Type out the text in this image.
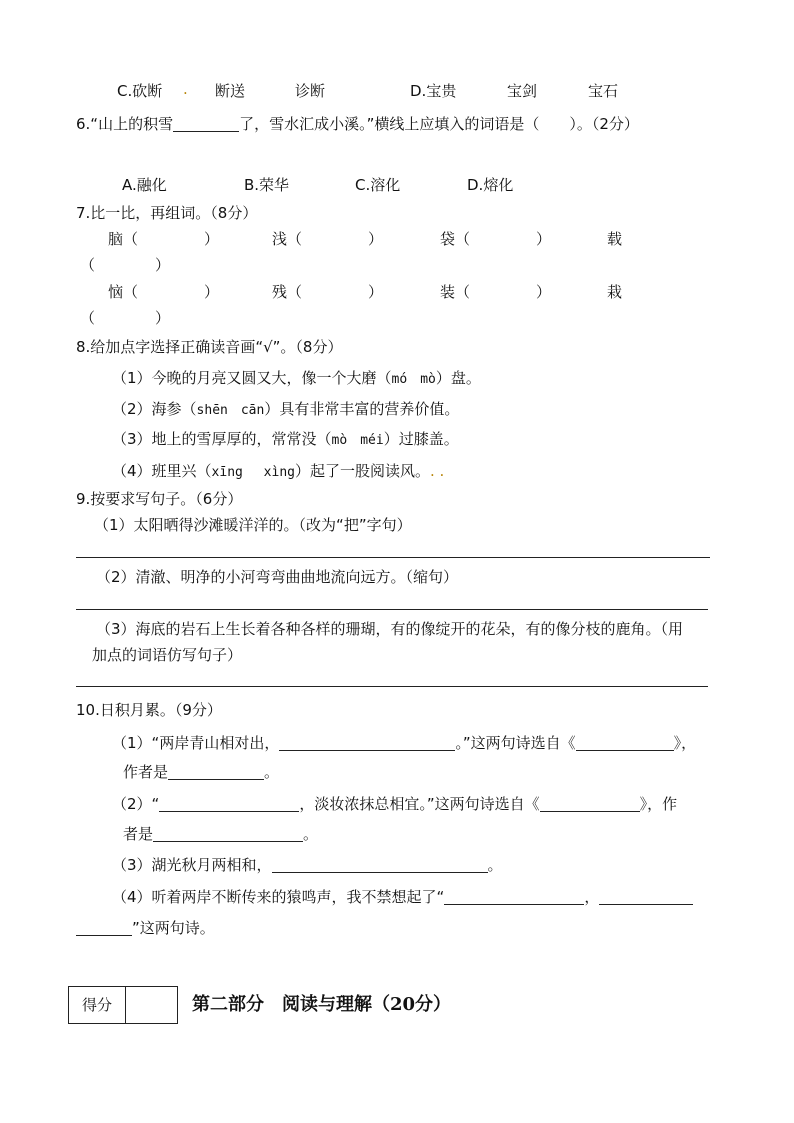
C.砍断 . 断送	诊断	D.宝贵	宝剑	宝石
6.“山上的积雪	了，雪水汇成小溪。”横线上应填入的词语是（　　）。（2分）
A.融化	B.荣华	C.溶化	D.熔化
7.比一比，再组词。（8分）
脑（	）	浅（	）	袋（	）	载
（　　　　）
恼（	）	残（	）	装（	）	栽
（　　　　）
8.给加点字选择正确读音画“√”。（8分）
（1）今晚的月亮又圆又大，像一个大磨（mó　mò）盘。
（2）海参（shēn　cān）具有非常丰富的营养价值。
（3）地上的雪厚厚的，常常没（mò　méi）过膝盖。
（4）班里兴（xīng　 xìng）起了一股阅读风。. .
9.按要求写句子。（6分）
（1）太阳晒得沙滩暖洋洋的。（改为“把”字句）
（2）清澈、明净的小河弯弯曲曲地流向远方。（缩句）
（3）海底的岩石上生长着各种各样的珊瑚，有的像绽开的花朵，有的像分枝的鹿角。（用
加点的词语仿写句子）
10.日积月累。（9分）
（1）“两岸青山相对出，	。”这两句诗选自《	》，
作者是	。
（2）“	，淡妆浓抹总相宜。”这两句诗选自《	》，作
者是	。
（3）湖光秋月两相和，	。
（4）听着两岸不断传来的猿鸣声，我不禁想起了“	，
”这两句诗。
得分	第二部分　阅读与理解（20分）
